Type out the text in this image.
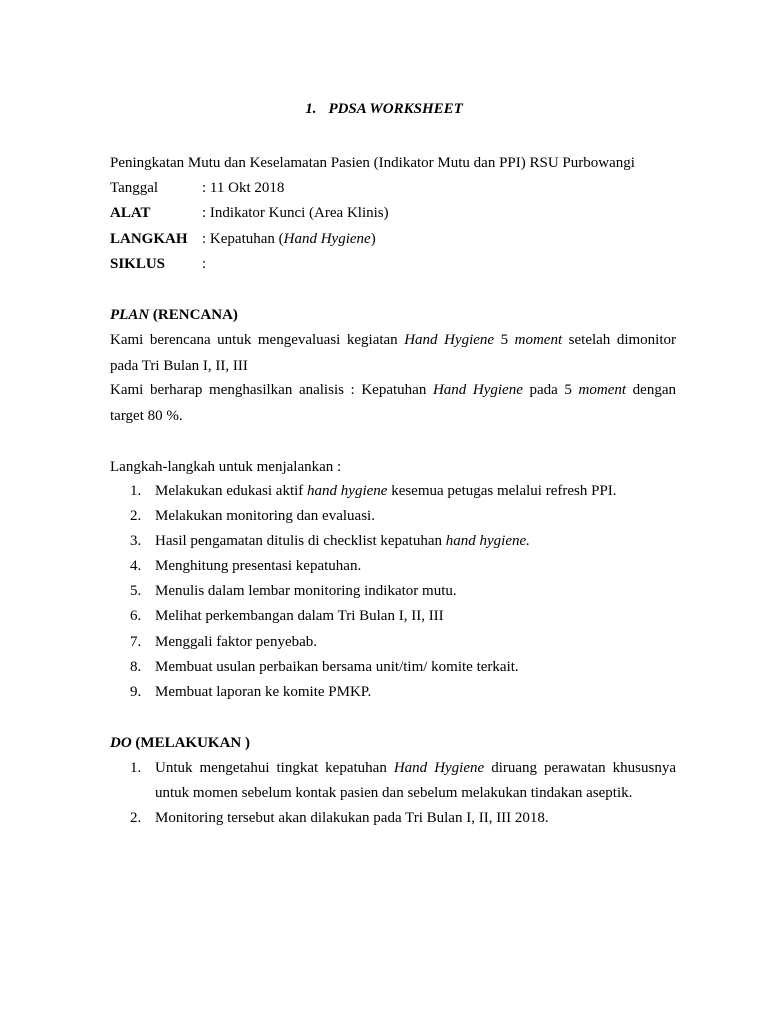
1. PDSA WORKSHEET
Peningkatan Mutu dan Keselamatan Pasien (Indikator Mutu dan PPI) RSU Purbowangi
Tanggal	: 11 Okt 2018
ALAT	: Indikator Kunci (Area Klinis)
LANGKAH : Kepatuhan (Hand Hygiene)
SIKLUS :
PLAN (RENCANA)
Kami berencana untuk mengevaluasi kegiatan Hand Hygiene 5 moment setelah dimonitor
pada Tri Bulan I, II, III
Kami berharap menghasilkan analisis : Kepatuhan Hand Hygiene pada 5 moment dengan
target 80 %.
Langkah-langkah untuk menjalankan :
1. Melakukan edukasi aktif hand hygiene kesemua petugas melalui refresh PPI.
2. Melakukan monitoring dan evaluasi.
3. Hasil pengamatan ditulis di checklist kepatuhan hand hygiene.
4. Menghitung presentasi kepatuhan.
5. Menulis dalam lembar monitoring indikator mutu.
6. Melihat perkembangan dalam Tri Bulan I, II, III
7. Menggali faktor penyebab.
8. Membuat usulan perbaikan bersama unit/tim/ komite terkait.
9. Membuat laporan ke komite PMKP.
DO (MELAKUKAN )
1. Untuk mengetahui tingkat kepatuhan Hand Hygiene diruang perawatan khususnya
untuk momen sebelum kontak pasien dan sebelum melakukan tindakan aseptik.
2. Monitoring tersebut akan dilakukan pada Tri Bulan I, II, III 2018.
